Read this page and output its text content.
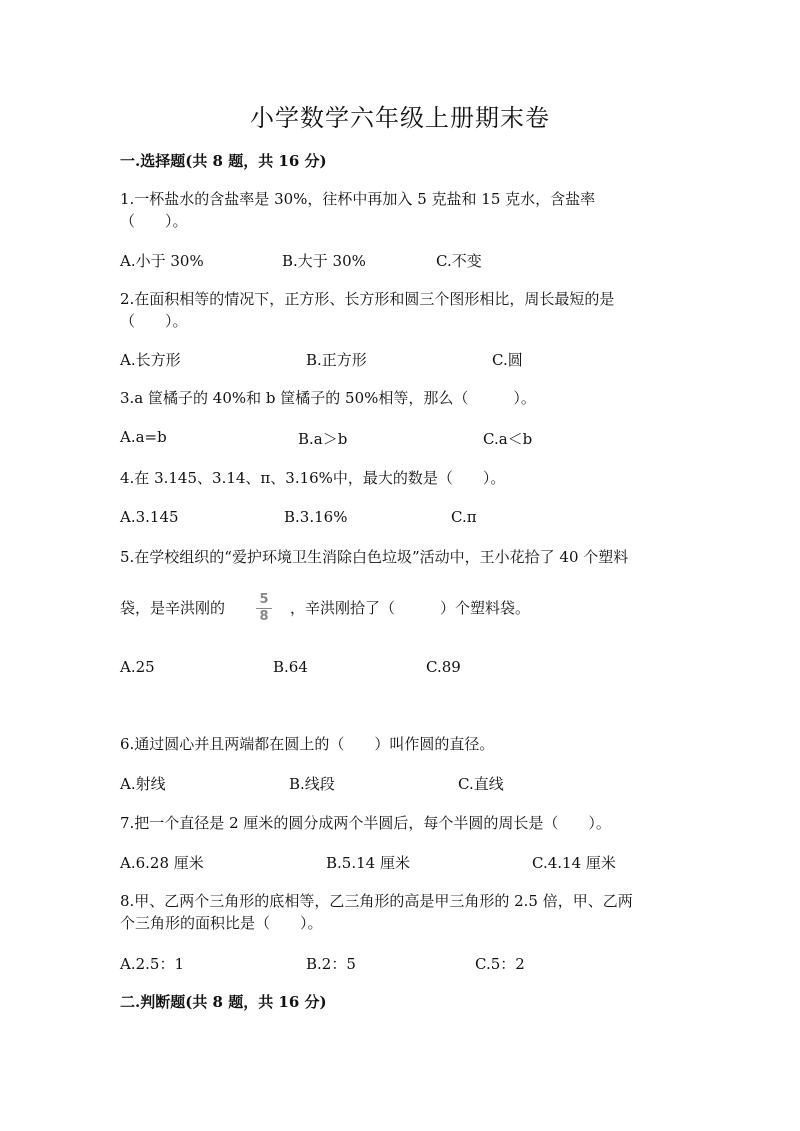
小学数学六年级上册期末卷
一.选择题(共 8 题，共 16 分)
1.一杯盐水的含盐率是 30%，往杯中再加入 5 克盐和 15 克水，含盐率
（　　）。
A.小于 30%	B.大于 30%	C.不变
2.在面积相等的情况下，正方形、长方形和圆三个图形相比，周长最短的是
（　　）。
A.长方形	B.正方形	C.圆
3.a 筐橘子的 40%和 b 筐橘子的 50%相等，那么（　　　）。
A.a=b	B.a＞b	C.a＜b
4.在 3.145、3.14、π、3.16%中，最大的数是（　　）。
A.3.145	B.3.16%	C.π
5.在学校组织的“爱护环境卫生消除白色垃圾”活动中，王小花拾了 40 个塑料
袋，是辛洪刚的	5
8	，辛洪刚拾了（　　　）个塑料袋。
A.25	B.64	C.89
6.通过圆心并且两端都在圆上的（　　）叫作圆的直径。
A.射线	B.线段	C.直线
7.把一个直径是 2 厘米的圆分成两个半圆后，每个半圆的周长是（　　）。
A.6.28 厘米	B.5.14 厘米	C.4.14 厘米
8.甲、乙两个三角形的底相等，乙三角形的高是甲三角形的 2.5 倍，甲、乙两
个三角形的面积比是（　　）。
A.2.5：1	B.2：5	C.5：2
二.判断题(共 8 题，共 16 分)
